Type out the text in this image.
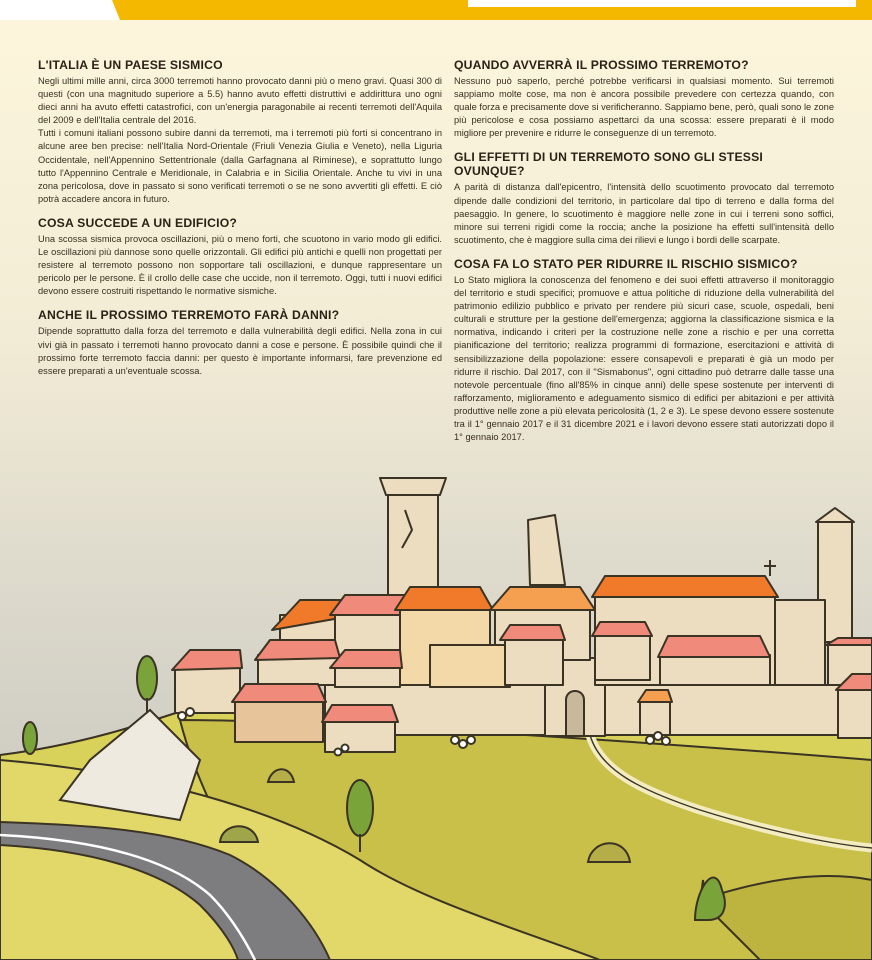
L'ITALIA È UN PAESE SISMICO

Negli ultimi mille anni, circa 3000 terremoti hanno provocato danni più o meno gravi. Quasi 300 di questi (con una magnitudo superiore a 5.5) hanno avuto effetti distruttivi e addirittura uno ogni dieci anni ha avuto effetti catastrofici, con un'energia paragonabile ai recenti terremoti dell'Aquila del 2009 e dell'Italia centrale del 2016.

Tutti i comuni italiani possono subire danni da terremoti, ma i terremoti più forti si concentrano in alcune aree ben precise: nell'Italia Nord-Orientale (Friuli Venezia Giulia e Veneto), nella Liguria Occidentale, nell'Appennino Settentrionale (dalla Garfagnana al Riminese), e soprattutto lungo tutto l'Appennino Centrale e Meridionale, in Calabria e in Sicilia Orientale. Anche tu vivi in una zona pericolosa, dove in passato si sono verificati terremoti o se ne sono avvertiti gli effetti. E ciò potrà accadere ancora in futuro.

COSA SUCCEDE A UN EDIFICIO?

Una scossa sismica provoca oscillazioni, più o meno forti, che scuotono in vario modo gli edifici. Le oscillazioni più dannose sono quelle orizzontali. Gli edifici più antichi e quelli non progettati per resistere al terremoto possono non sopportare tali oscillazioni, e dunque rappresentare un pericolo per le persone. È il crollo delle case che uccide, non il terremoto. Oggi, tutti i nuovi edifici devono essere costruiti rispettando le normative sismiche.

ANCHE IL PROSSIMO TERREMOTO FARÀ DANNI?

Dipende soprattutto dalla forza del terremoto e dalla vulnerabilità degli edifici. Nella zona in cui vivi già in passato i terremoti hanno provocato danni a cose e persone. È possibile quindi che il prossimo forte terremoto faccia danni: per questo è importante informarsi, fare prevenzione ed essere preparati a un'eventuale scossa.

QUANDO AVVERRÀ IL PROSSIMO TERREMOTO?

Nessuno può saperlo, perché potrebbe verificarsi in qualsiasi momento. Sui terremoti sappiamo molte cose, ma non è ancora possibile prevedere con certezza quando, con quale forza e precisamente dove si verificheranno. Sappiamo bene, però, quali sono le zone più pericolose e cosa possiamo aspettarci da una scossa: essere preparati è il modo migliore per prevenire e ridurre le conseguenze di un terremoto.

GLI EFFETTI DI UN TERREMOTO SONO GLI STESSI OVUNQUE?

A parità di distanza dall'epicentro, l'intensità dello scuotimento provocato dal terremoto dipende dalle condizioni del territorio, in particolare dal tipo di terreno e dalla forma del paesaggio. In genere, lo scuotimento è maggiore nelle zone in cui i terreni sono soffici, minore sui terreni rigidi come la roccia; anche la posizione ha effetti sull'intensità dello scuotimento, che è maggiore sulla cima dei rilievi e lungo i bordi delle scarpate.

COSA FA LO STATO PER RIDURRE IL RISCHIO SISMICO?

Lo Stato migliora la conoscenza del fenomeno e dei suoi effetti attraverso il monitoraggio del territorio e studi specifici; promuove e attua politiche di riduzione della vulnerabilità del patrimonio edilizio pubblico e privato per rendere più sicuri case, scuole, ospedali, beni culturali e strutture per la gestione dell'emergenza; aggiorna la classificazione sismica e la normativa, indicando i criteri per la costruzione nelle zone a rischio e per una corretta pianificazione del territorio; realizza programmi di formazione, esercitazioni e attività di sensibilizzazione della popolazione: essere consapevoli e preparati è già un modo per ridurre il rischio. Dal 2017, con il "Sismabonus", ogni cittadino può detrarre dalle tasse una notevole percentuale (fino all'85% in cinque anni) delle spese sostenute per interventi di rafforzamento, miglioramento e adeguamento sismico di edifici per abitazioni e per attività produttive nelle zone a più elevata pericolosità (1, 2 e 3). Le spese devono essere sostenute tra il 1° gennaio 2017 e il 31 dicembre 2021 e i lavori devono essere stati autorizzati dopo il 1° gennaio 2017.
